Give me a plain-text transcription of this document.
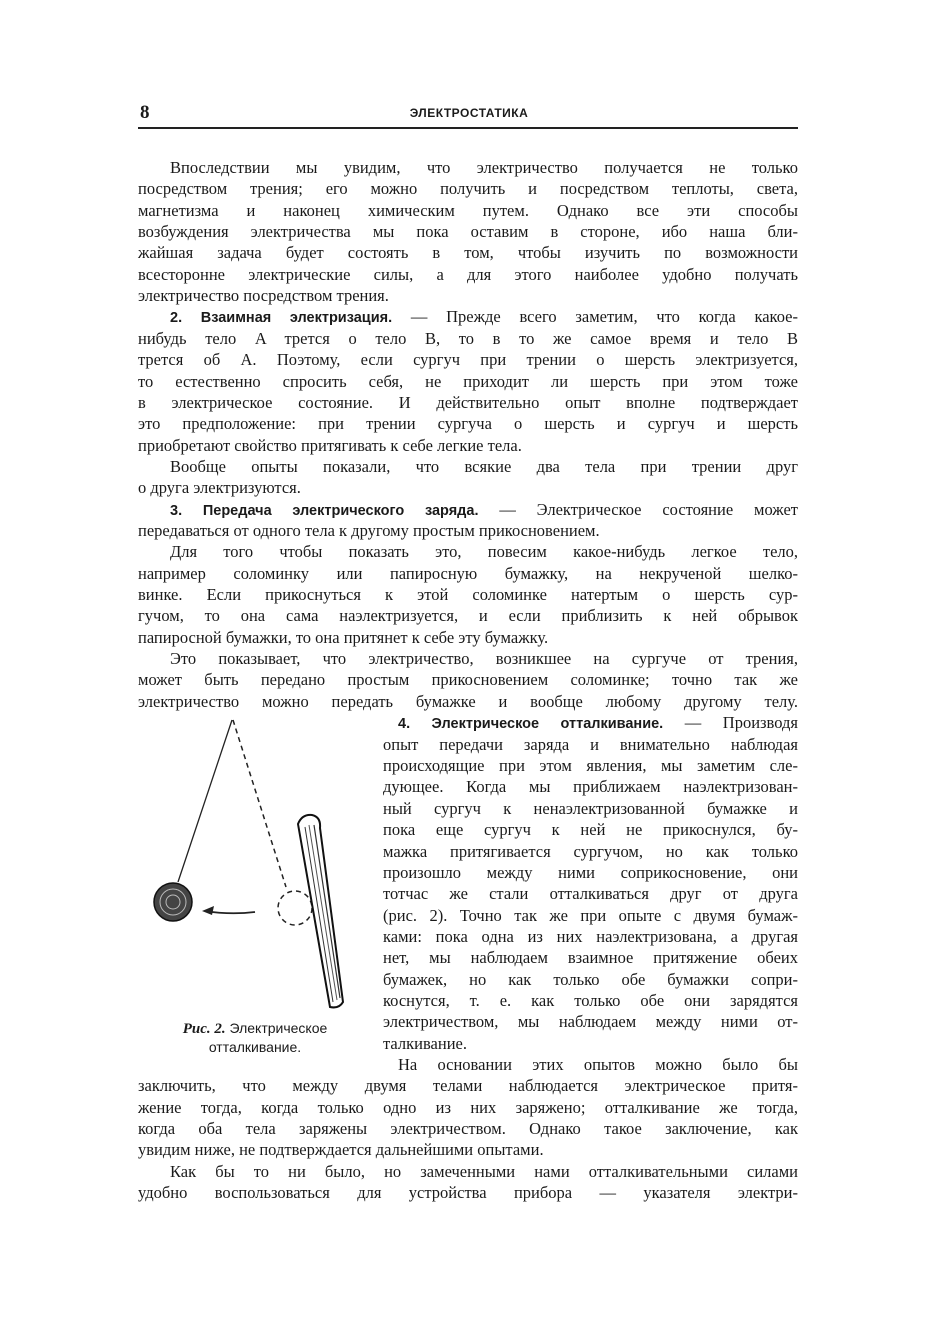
8	ЭЛЕКТРОСТАТИКА
Впоследствии мы увидим, что электричество получается не только
посредством трения; его можно получить и посредством теплоты, света,
магнетизма и наконец химическим путем. Однако все эти способы
возбуждения электричества мы пока оставим в стороне, ибо наша бли-
жайшая задача будет состоять в том, чтобы изучить по возможности
всесторонне электрические силы, а для этого наиболее удобно получать
электричество посредством трения.
2. Взаимная электризация. — Прежде всего заметим, что когда какое-
нибудь тело A трется о тело B, то в то же самое время и тело B
трется об A. Поэтому, если сургуч при трении о шерсть электризуется,
то естественно спросить себя, не приходит ли шерсть при этом тоже
в электрическое состояние. И действительно опыт вполне подтверждает
это предположение: при трении сургуча о шерсть и сургуч и шерсть
приобретают свойство притягивать к себе легкие тела.
Вообще опыты показали, что всякие два тела при трении друг
о друга электризуются.
3. Передача электрического заряда. — Электрическое состояние может
передаваться от одного тела к другому простым прикосновением.
Для того чтобы показать это, повесим какое-нибудь легкое тело,
например соломинку или папиросную бумажку, на некрученой шелко-
винке. Если прикоснуться к этой соломинке натертым о шерсть сур-
гучом, то она сама наэлектризуется, и если приблизить к ней обрывок
папиросной бумажки, то она притянет к себе эту бумажку.
Это показывает, что электричество, возникшее на сургуче от трения,
может быть передано простым прикосновением соломинке; точно так же
электричество можно передать бумажке и вообще любому другому телу.
4. Электрическое отталкивание. — Производя
опыт передачи заряда и внимательно наблюдая
происходящие при этом явления, мы заметим сле-
дующее. Когда мы приближаем наэлектризован-
ный сургуч к ненаэлектризованной бумажке и
пока еще сургуч к ней не прикоснулся, бу-
мажка притягивается сургучом, но как только
произошло между ними соприкосновение, они
тотчас же стали отталкиваться друг от друга
(рис. 2). Точно так же при опыте с двумя бумаж-
ками: пока одна из них наэлектризована, а другая
нет, мы наблюдаем взаимное притяжение обеих
бумажек, но как только обе бумажки сопри-
коснутся, т. е. как только обе они зарядятся
электричеством, мы наблюдаем между ними от-
талкивание.
На основании этих опытов можно было бы
заключить, что между двумя телами наблюдается электрическое притя-
жение тогда, когда только одно из них заряжено; отталкивание же тогда,
когда оба тела заряжены электричеством. Однако такое заключение, как
увидим ниже, не подтверждается дальнейшими опытами.
Как бы то ни было, но замеченными нами отталкивательными силами
удобно воспользоваться для устройства прибора — указателя электри-
Рис. 2. Электрическое
отталкивание.
